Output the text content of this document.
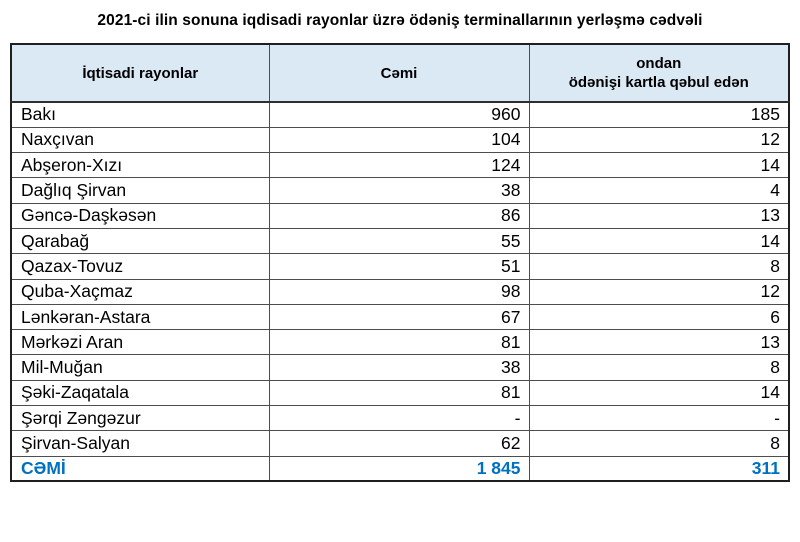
2021-ci ilin sonuna iqdisadi rayonlar üzrə ödəniş terminallarının yerləşmə cədvəli
İqtisadi rayonlar	Cəmi	ondan
ödənişi kartla qəbul edən

Bakı	960	185
Naxçıvan	104	12
Abşeron-Xızı	124	14
Dağlıq Şirvan	38	4
Gəncə-Daşkəsən	86	13
Qarabağ	55	14
Qazax-Tovuz	51	8
Quba-Xaçmaz	98	12
Lənkəran-Astara	67	6
Mərkəzi Aran	81	13
Mil-Muğan	38	8
Şəki-Zaqatala	81	14
Şərqi Zəngəzur	-	-
Şirvan-Salyan	62	8
CƏMİ	1 845	311
